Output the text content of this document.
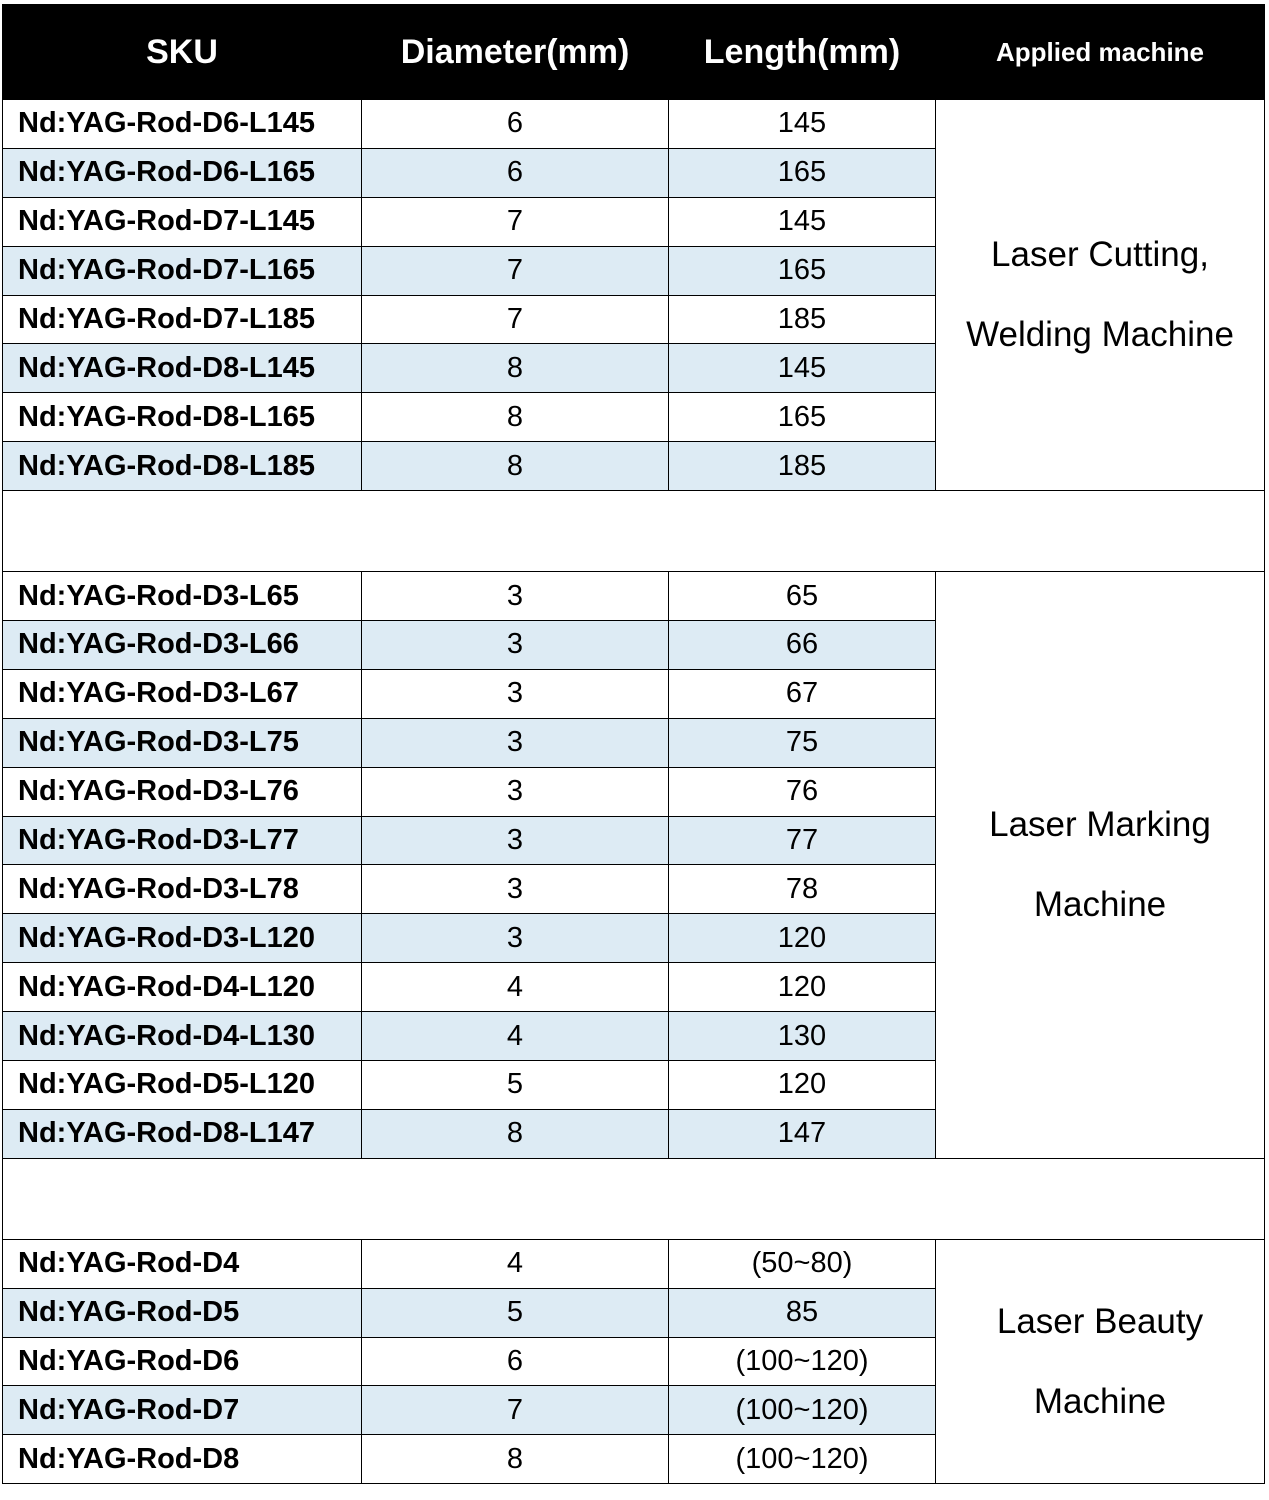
SKU	Diameter(mm)	Length(mm)	Applied machine
Nd:YAG-Rod-D6-L145	6	145	Laser Cutting,
Welding Machine

Nd:YAG-Rod-D6-L165	6	165	
Nd:YAG-Rod-D7-L145	7	145	
Nd:YAG-Rod-D7-L165	7	165	
Nd:YAG-Rod-D7-L185	7	185	
Nd:YAG-Rod-D8-L145	8	145	
Nd:YAG-Rod-D8-L165	8	165	
Nd:YAG-Rod-D8-L185	8	185	

Nd:YAG-Rod-D3-L65	3	65	Laser Marking
Machine

Nd:YAG-Rod-D3-L66	3	66	
Nd:YAG-Rod-D3-L67	3	67	
Nd:YAG-Rod-D3-L75	3	75	
Nd:YAG-Rod-D3-L76	3	76	
Nd:YAG-Rod-D3-L77	3	77	
Nd:YAG-Rod-D3-L78	3	78	
Nd:YAG-Rod-D3-L120	3	120	
Nd:YAG-Rod-D4-L120	4	120	
Nd:YAG-Rod-D4-L130	4	130	
Nd:YAG-Rod-D5-L120	5	120	
Nd:YAG-Rod-D8-L147	8	147	

Nd:YAG-Rod-D4	4	(50~80)	Laser Beauty
Machine

Nd:YAG-Rod-D5	5	85	
Nd:YAG-Rod-D6	6	(100~120)	
Nd:YAG-Rod-D7	7	(100~120)	
Nd:YAG-Rod-D8	8	(100~120)	
